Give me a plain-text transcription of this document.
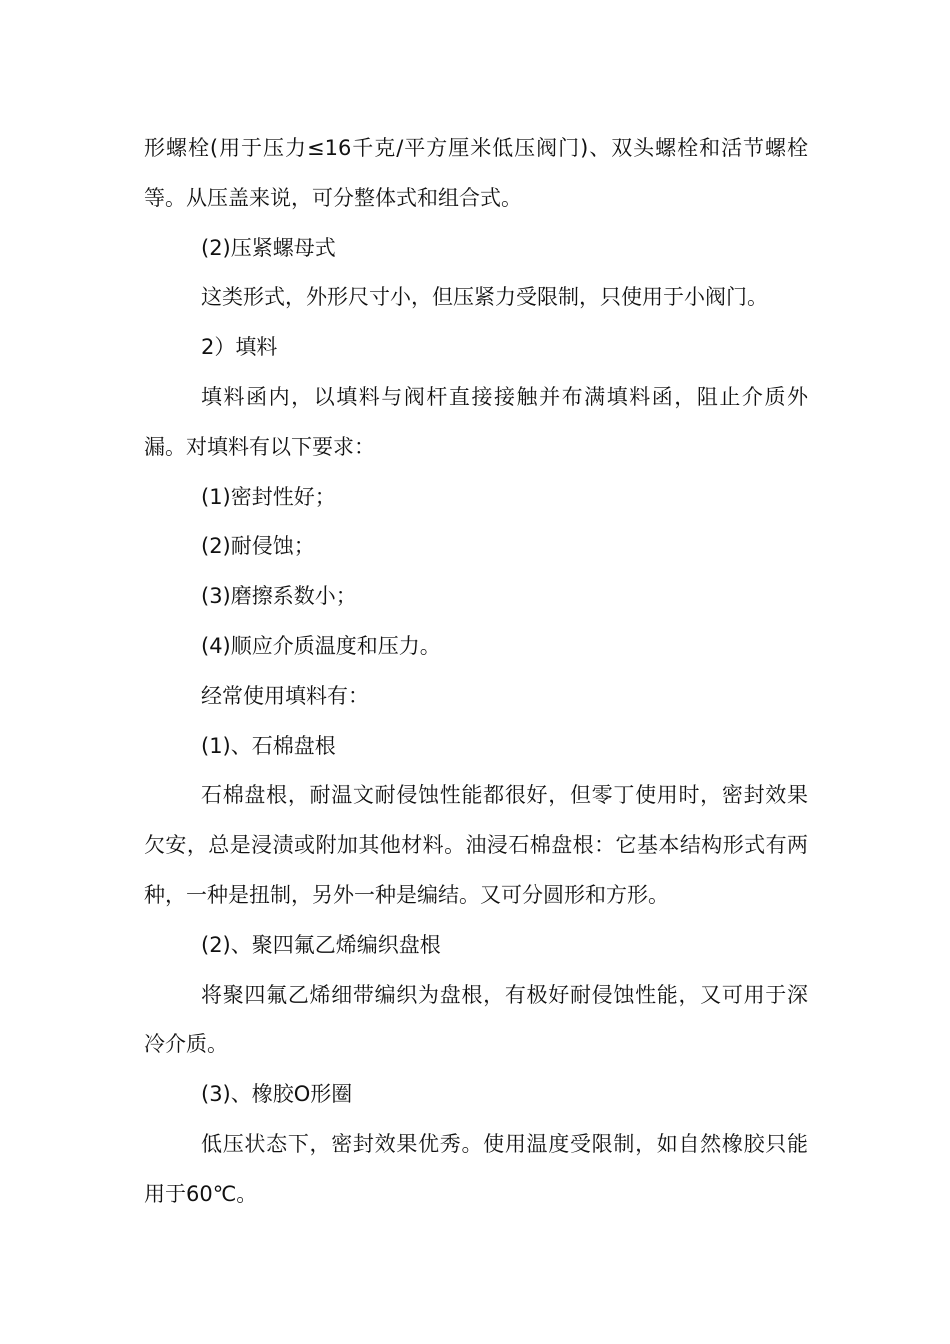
形螺栓(用于压力≤16千克/平方厘米低压阀门)、双头螺栓和活节螺栓等。从压盖来说，可分整体式和组合式。

(2)压紧螺母式

这类形式，外形尺寸小，但压紧力受限制，只使用于小阀门。

2）填料

填料函内，以填料与阀杆直接接触并布满填料函，阻止介质外漏。对填料有以下要求：

(1)密封性好；

(2)耐侵蚀；

(3)磨擦系数小；

(4)顺应介质温度和压力。

经常使用填料有：

(1)、石棉盘根

石棉盘根，耐温文耐侵蚀性能都很好，但零丁使用时，密封效果欠安，总是浸渍或附加其他材料。油浸石棉盘根：它基本结构形式有两种，一种是扭制，另外一种是编结。又可分圆形和方形。

(2)、聚四氟乙烯编织盘根

将聚四氟乙烯细带编织为盘根，有极好耐侵蚀性能，又可用于深冷介质。

(3)、橡胶O形圈

低压状态下，密封效果优秀。使用温度受限制，如自然橡胶只能用于60℃。
